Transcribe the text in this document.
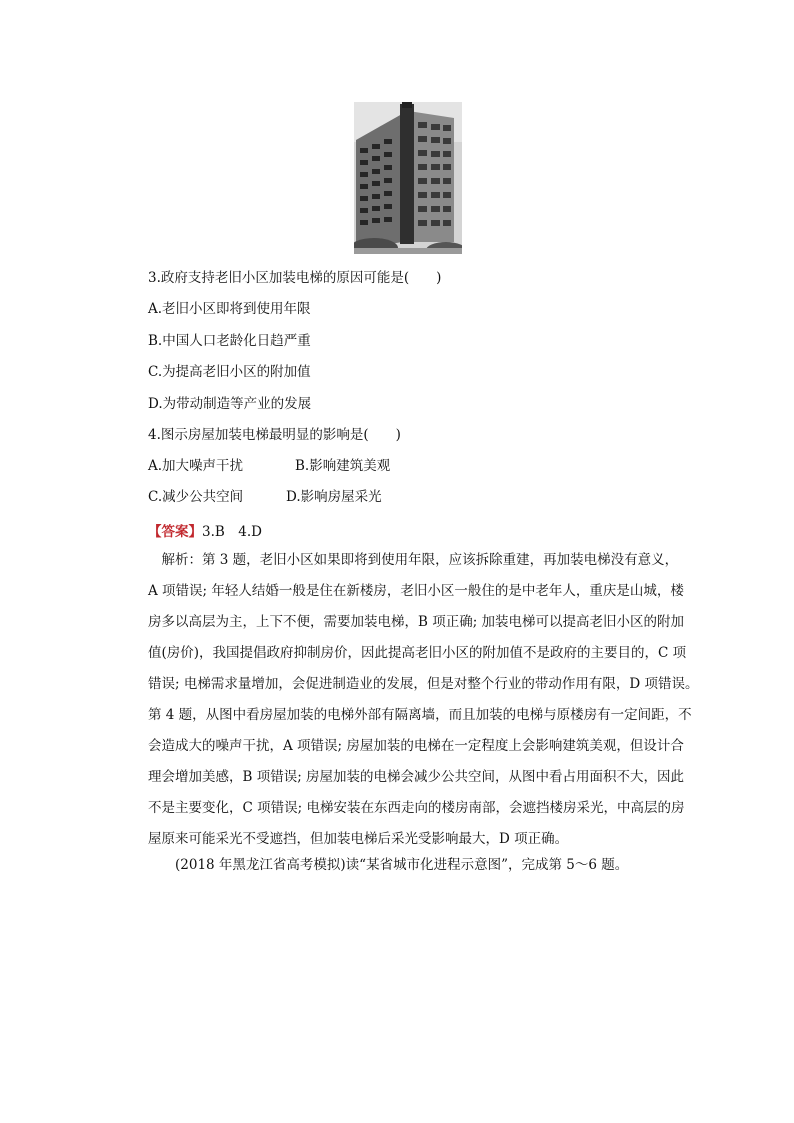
3.政府支持老旧小区加装电梯的原因可能是(　　)
A.老旧小区即将到使用年限
B.中国人口老龄化日趋严重
C.为提高老旧小区的附加值
D.为带动制造等产业的发展
4.图示房屋加装电梯最明显的影响是(　　)
A.加大噪声干扰	B.影响建筑美观
C.减少公共空间	D.影响房屋采光
【答案】3.B　4.D
　解析：第 3 题，老旧小区如果即将到使用年限，应该拆除重建，再加装电梯没有意义，
A 项错误; 年轻人结婚一般是住在新楼房，老旧小区一般住的是中老年人，重庆是山城，楼
房多以高层为主，上下不便，需要加装电梯，B 项正确; 加装电梯可以提高老旧小区的附加
值(房价)，我国提倡政府抑制房价，因此提高老旧小区的附加值不是政府的主要目的，C 项
错误; 电梯需求量增加，会促进制造业的发展，但是对整个行业的带动作用有限，D 项错误。
第 4 题，从图中看房屋加装的电梯外部有隔离墙，而且加装的电梯与原楼房有一定间距，不
会造成大的噪声干扰，A 项错误; 房屋加装的电梯在一定程度上会影响建筑美观，但设计合
理会增加美感，B 项错误; 房屋加装的电梯会减少公共空间，从图中看占用面积不大，因此
不是主要变化，C 项错误; 电梯安装在东西走向的楼房南部，会遮挡楼房采光，中高层的房
屋原来可能采光不受遮挡，但加装电梯后采光受影响最大，D 项正确。
(2018 年黑龙江省高考模拟)读“某省城市化进程示意图”，完成第 5～6 题。
